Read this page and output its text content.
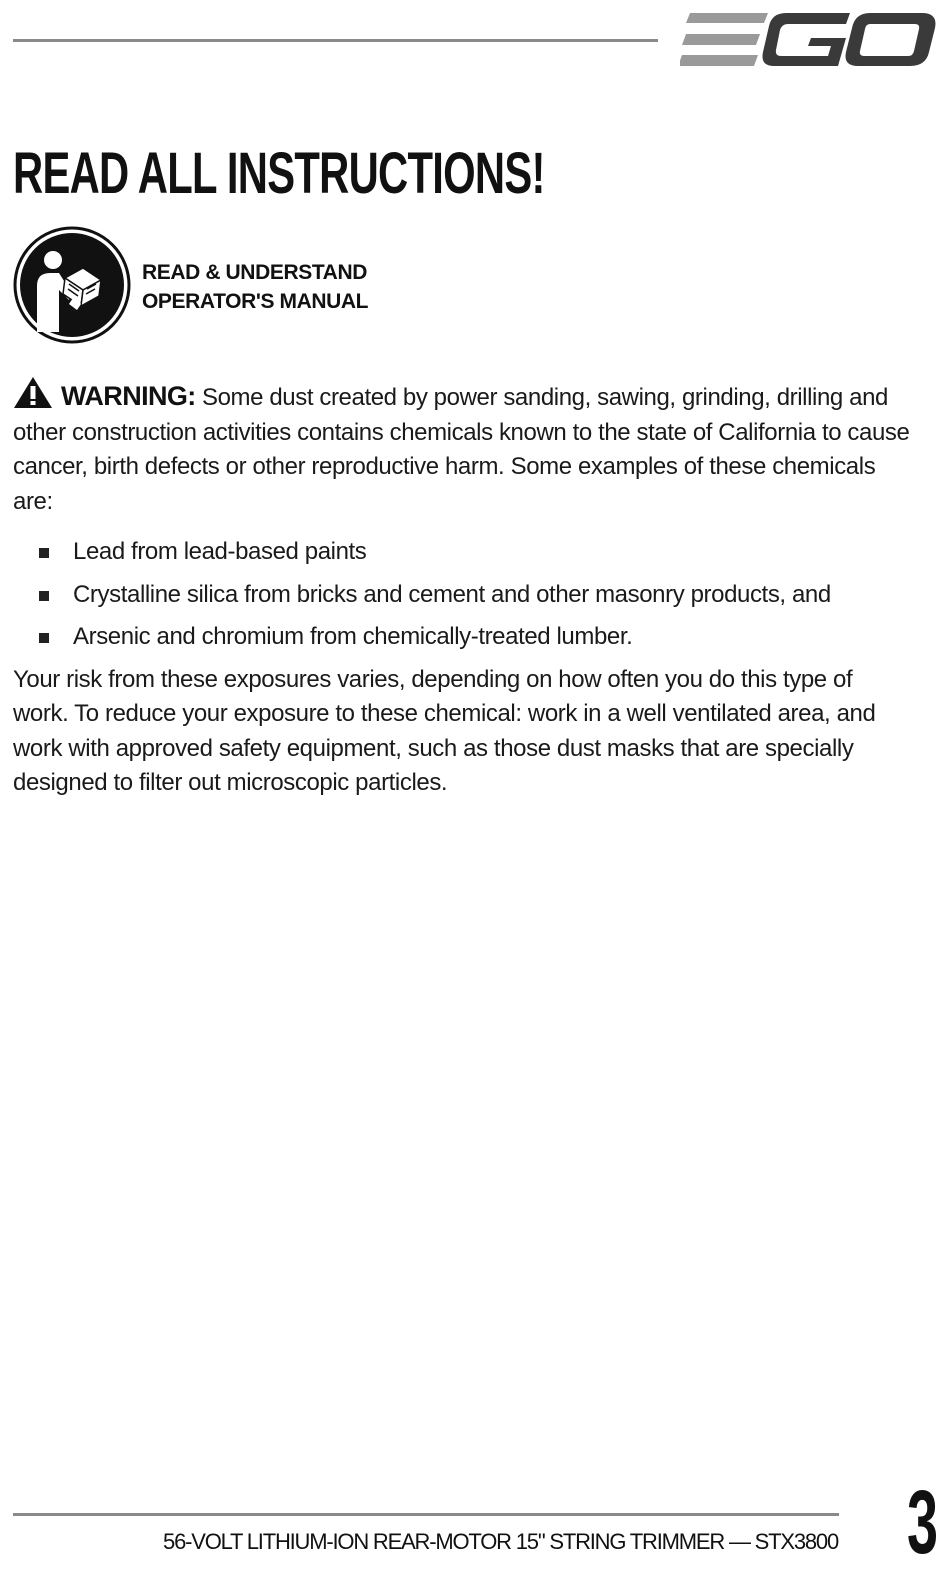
READ ALL INSTRUCTIONS!
READ & UNDERSTAND
OPERATOR'S MANUAL
WARNING: Some dust created by power sanding, sawing, grinding, drilling and other construction activities contains chemicals known to the state of California to cause cancer, birth defects or other reproductive harm. Some examples of these chemicals are:
Lead from lead-based paints
Crystalline silica from bricks and cement and other masonry products, and
Arsenic and chromium from chemically-treated lumber.
Your risk from these exposures varies, depending on how often you do this type of work. To reduce your exposure to these chemical: work in a well ventilated area, and work with approved safety equipment, such as those dust masks that are specially designed to filter out microscopic particles.
56-VOLT LITHIUM-ION REAR-MOTOR 15" STRING TRIMMER — STX3800 3
